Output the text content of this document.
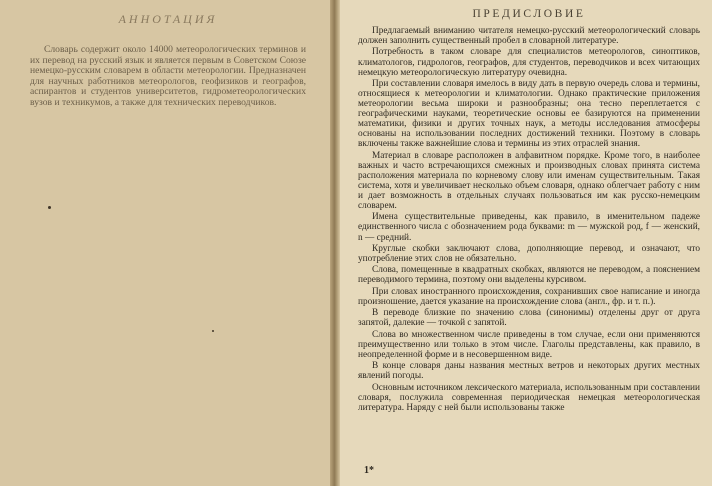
АННОТАЦИЯ

Словарь содержит около 14000 метеорологических терминов и их перевод на русский язык и является первым в Советском Союзе немецко-русским словарем в области метеорологии. Предназначен для научных работников метеорологов, геофизиков и географов, аспирантов и студентов университетов, гидрометеорологических вузов и техникумов, а также для технических переводчиков.

ПРЕДИСЛОВИЕ

Предлагаемый вниманию читателя немецко-русский метеорологический словарь должен заполнить существенный пробел в словарной литературе.

Потребность в таком словаре для специалистов метеорологов, синоптиков, климатологов, гидрологов, географов, для студентов, переводчиков и всех читающих немецкую метеорологическую литературу очевидна.

При составлении словаря имелось в виду дать в первую очередь слова и термины, относящиеся к метеорологии и климатологии. Однако практические приложения метеорологии весьма широки и разнообразны; она тесно переплетается с географическими науками, теоретические основы ее базируются на применении математики, физики и других точных наук, а методы исследования атмосферы основаны на использовании последних достижений техники. Поэтому в словарь включены также важнейшие слова и термины из этих отраслей знания.

Материал в словаре расположен в алфавитном порядке. Кроме того, в наиболее важных и часто встречающихся смежных и производных словах принята система расположения материала по корневому слову или именам существительным. Такая система, хотя и увеличивает несколько объем словаря, однако облегчает работу с ним и дает возможность в отдельных случаях пользоваться им как русско-немецким словарем.

Имена существительные приведены, как правило, в именительном падеже единственного числа с обозначением рода буквами: m — мужской род, f — женский, n — средний.

Круглые скобки заключают слова, дополняющие перевод, и означают, что употребление этих слов не обязательно.

Слова, помещенные в квадратных скобках, являются не переводом, а пояснением переводимого термина, поэтому они выделены курсивом.

При словах иностранного происхождения, сохранивших свое написание и иногда произношение, дается указание на происхождение слова (англ., фр. и т. п.).

В переводе близкие по значению слова (синонимы) отделены друг от друга запятой, далекие — точкой с запятой.

Слова во множественном числе приведены в том случае, если они применяются преимущественно или только в этом числе. Глаголы представлены, как правило, в неопределенной форме и в несовершенном виде.

В конце словаря даны названия местных ветров и некоторых других местных явлений погоды.

Основным источником лексического материала, использованным при составлении словаря, послужила современная периодическая немецкая метеорологическая литература. Наряду с ней были использованы также

1*
